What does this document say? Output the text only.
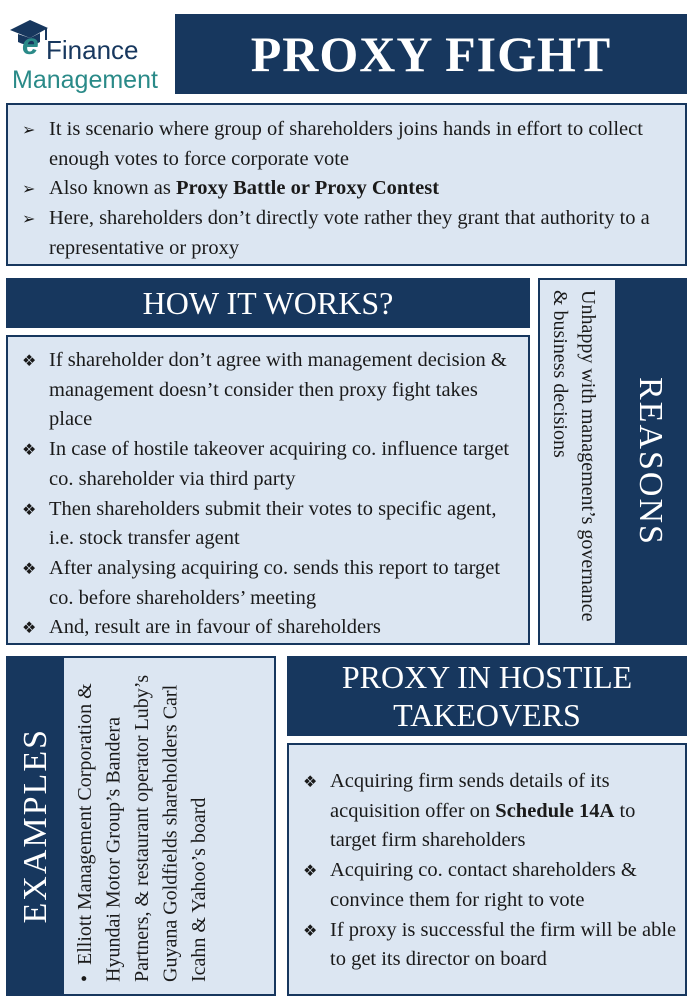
e Finance
Management	PROXY FIGHT
➢ It is scenario where group of shareholders joins hands in effort to collect enough votes to force corporate vote
➢ Also known as Proxy Battle or Proxy Contest
➢ Here, shareholders don’t directly vote rather they grant that authority to a representative or proxy
HOW IT WORKS?
❖ If shareholder don’t agree with management decision & management doesn’t consider then proxy fight takes place
❖ In case of hostile takeover acquiring co. influence target co. shareholder via third party
❖ Then shareholders submit their votes to specific agent, i.e. stock transfer agent
❖ After analysing acquiring co. sends this report to target co. before shareholders’ meeting
❖ And, result are in favour of shareholders
Unhappy with management’s governance & business decisions
REASONS
EXAMPLES
•  Elliott Management Corporation & Hyundai Motor Group’s Bandera Partners, & restaurant operator Luby’s Guyana Goldfields shareholders Carl Icahn & Yahoo’s board
PROXY IN HOSTILE
TAKEOVERS
❖ Acquiring firm sends details of its acquisition offer on Schedule 14A to target firm shareholders
❖ Acquiring co. contact shareholders & convince them for right to vote
❖ If proxy is successful the firm will be able to get its director on board
